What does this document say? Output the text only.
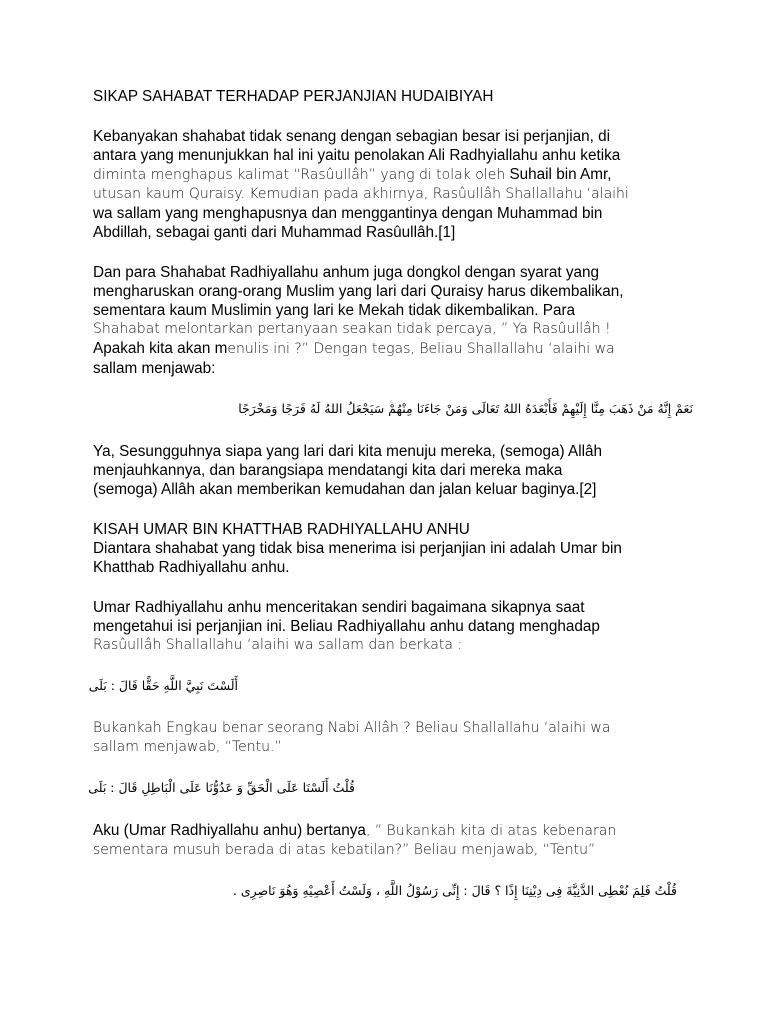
SIKAP SAHABAT TERHADAP PERJANJIAN HUDAIBIYAH
Kebanyakan shahabat tidak senang dengan sebagian besar isi perjanjian, di
antara yang menunjukkan hal ini yaitu penolakan Ali Radhyiallahu anhu ketika
diminta menghapus kalimat “Rasûullâh” yang di tolak oleh Suhail bin Amr,
utusan kaum Quraisy. Kemudian pada akhirnya, Rasûullâh Shallallahu ‘alaihi
wa sallam yang menghapusnya dan menggantinya dengan Muhammad bin
Abdillah, sebagai ganti dari Muhammad Rasûullâh.[1]
Dan para Shahabat Radhiyallahu anhum juga dongkol dengan syarat yang
mengharuskan orang-orang Muslim yang lari dari Quraisy harus dikembalikan,
sementara kaum Muslimin yang lari ke Mekah tidak dikembalikan. Para
Shahabat melontarkan pertanyaan seakan tidak percaya, ” Ya Rasûullâh !
Apakah kita akan menulis ini ?” Dengan tegas, Beliau Shallallahu ‘alaihi wa
sallam menjawab:
نَعَمْ إِنَّهُ مَنْ ذَهَبَ مِنَّا إِلَيْهِمْ فَأَبْعَدَهُ اللهُ تَعَالَى وَمَنْ جَاءَنَا مِنْهُمْ سَيَجْعَلُ اللهُ لَهُ فَرَجًا وَمَخْرَجًا
Ya, Sesungguhnya siapa yang lari dari kita menuju mereka, (semoga) Allâh
menjauhkannya, dan barangsiapa mendatangi kita dari mereka maka
(semoga) Allâh akan memberikan kemudahan dan jalan keluar baginya.[2]
KISAH UMAR BIN KHATTHAB RADHIYALLAHU ANHU
Diantara shahabat yang tidak bisa menerima isi perjanjian ini adalah Umar bin
Khatthab Radhiyallahu anhu.
Umar Radhiyallahu anhu menceritakan sendiri bagaimana sikapnya saat
mengetahui isi perjanjian ini. Beliau Radhiyallahu anhu datang menghadap
Rasûullâh Shallallahu ‘alaihi wa sallam dan berkata :
أَلَسْتَ نَبِيَّ اللَّهِ حَقًّا قَالَ : بَلَى
Bukankah Engkau benar seorang Nabi Allâh ? Beliau Shallallahu ‘alaihi wa
sallam menjawab, “Tentu.”
قُلْتُ أَلَسْنَا عَلَى الْحَقِّ وَ عَدُوُّنَا عَلَى الْبَاطِلِ قَالَ : بَلَى
Aku (Umar Radhiyallahu anhu) bertanya, ” Bukankah kita di atas kebenaran
sementara musuh berada di atas kebatilan?” Beliau menjawab, “Tentu”
قُلْتُ فَلِمَ نُعْطِى الدَّنِيَّةَ فِى دِيْنِنَا إِذًا ؟ قَالَ : إِنِّى رَسُوْلُ اللَّهِ ، وَلَسْتُ أَعْصِيْهِ وَهُوَ نَاصِرِى .
